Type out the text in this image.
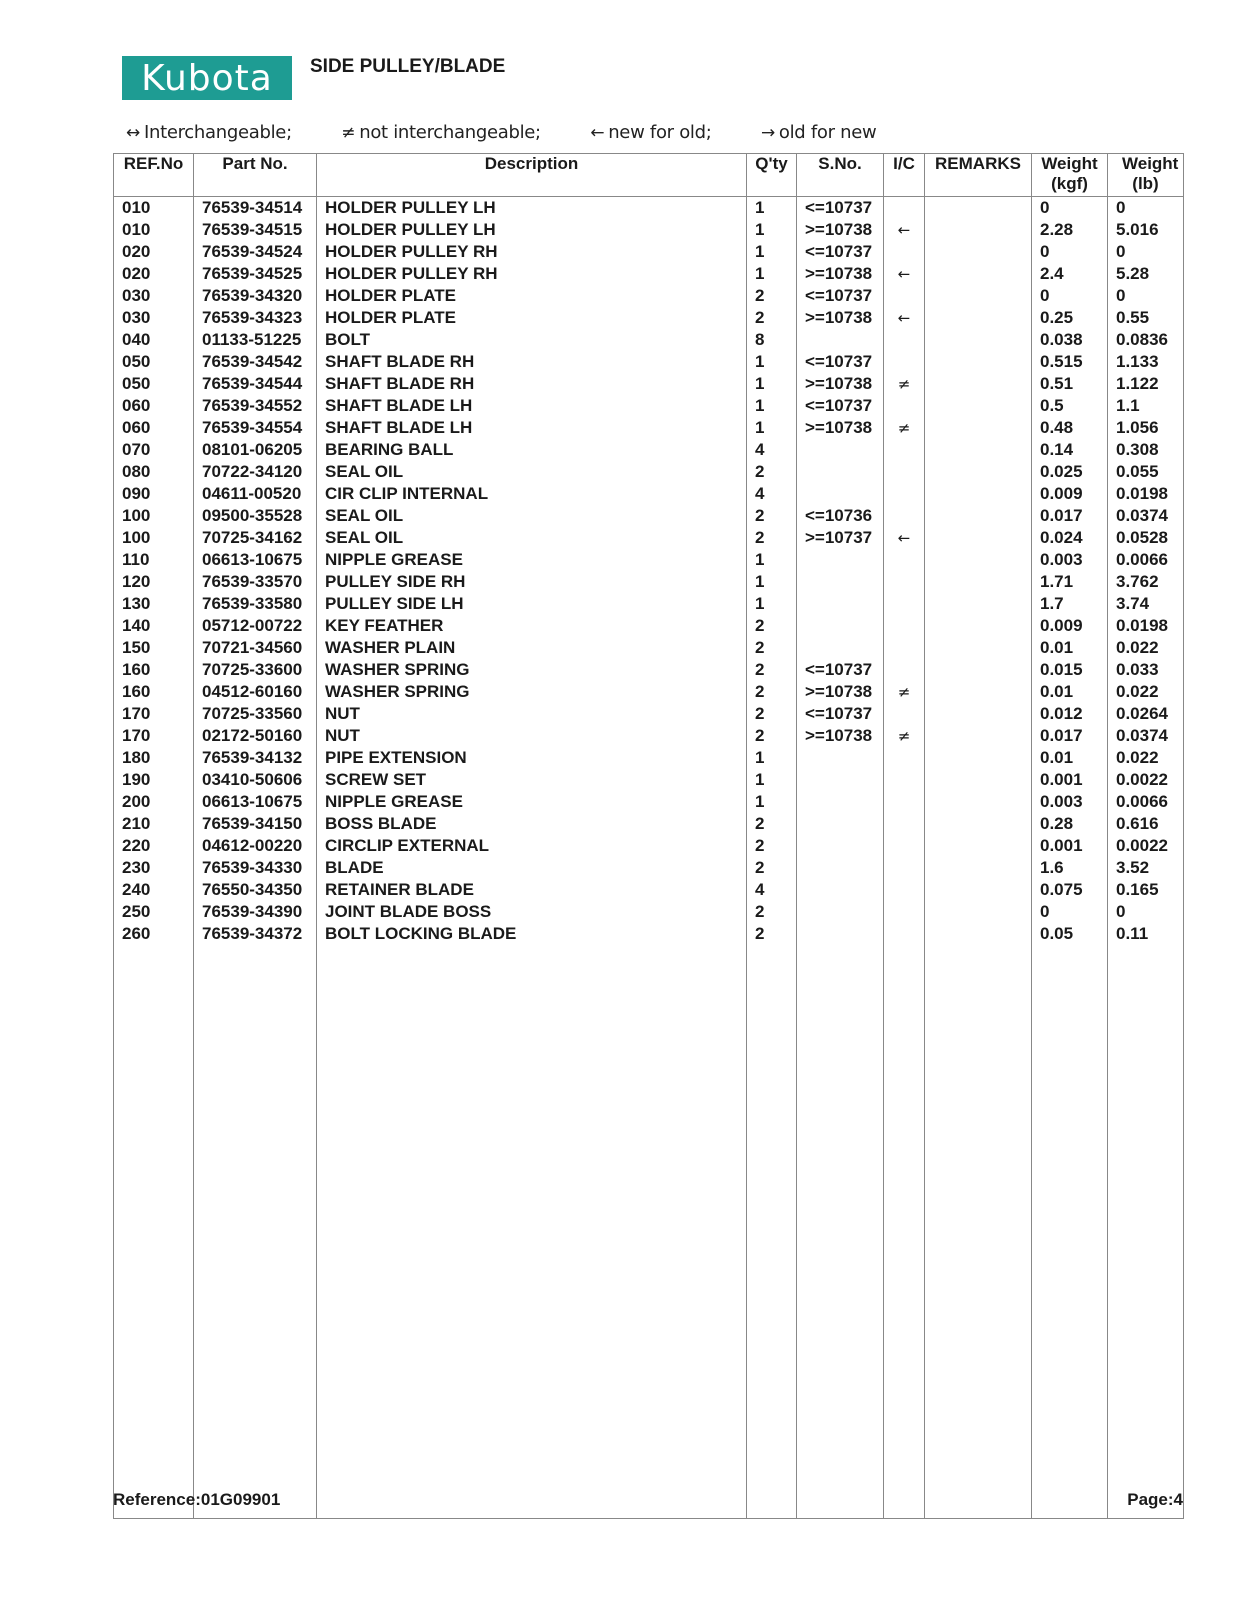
Kubota	SIDE PULLEY/BLADE
↔ Interchangeable;	≠ not interchangeable;	← new for old;	→ old for new
REF.No	Part No.	Description	Q'ty	S.No.	I/C	REMARKS	Weight (kgf)	Weight (lb)
010	76539-34514	HOLDER PULLEY LH	1	<=10737			0	0
010	76539-34515	HOLDER PULLEY LH	1	>=10738	←		2.28	5.016
020	76539-34524	HOLDER PULLEY RH	1	<=10737			0	0
020	76539-34525	HOLDER PULLEY RH	1	>=10738	←		2.4	5.28
030	76539-34320	HOLDER PLATE	2	<=10737			0	0
030	76539-34323	HOLDER PLATE	2	>=10738	←		0.25	0.55
040	01133-51225	BOLT	8				0.038	0.0836
050	76539-34542	SHAFT BLADE RH	1	<=10737			0.515	1.133
050	76539-34544	SHAFT BLADE RH	1	>=10738	≠		0.51	1.122
060	76539-34552	SHAFT BLADE LH	1	<=10737			0.5	1.1
060	76539-34554	SHAFT BLADE LH	1	>=10738	≠		0.48	1.056
070	08101-06205	BEARING BALL	4				0.14	0.308
080	70722-34120	SEAL OIL	2				0.025	0.055
090	04611-00520	CIR CLIP INTERNAL	4				0.009	0.0198
100	09500-35528	SEAL OIL	2	<=10736			0.017	0.0374
100	70725-34162	SEAL OIL	2	>=10737	←		0.024	0.0528
110	06613-10675	NIPPLE GREASE	1				0.003	0.0066
120	76539-33570	PULLEY SIDE RH	1				1.71	3.762
130	76539-33580	PULLEY SIDE LH	1				1.7	3.74
140	05712-00722	KEY FEATHER	2				0.009	0.0198
150	70721-34560	WASHER PLAIN	2				0.01	0.022
160	70725-33600	WASHER SPRING	2	<=10737			0.015	0.033
160	04512-60160	WASHER SPRING	2	>=10738	≠		0.01	0.022
170	70725-33560	NUT	2	<=10737			0.012	0.0264
170	02172-50160	NUT	2	>=10738	≠		0.017	0.0374
180	76539-34132	PIPE EXTENSION	1				0.01	0.022
190	03410-50606	SCREW SET	1				0.001	0.0022
200	06613-10675	NIPPLE GREASE	1				0.003	0.0066
210	76539-34150	BOSS BLADE	2				0.28	0.616
220	04612-00220	CIRCLIP EXTERNAL	2				0.001	0.0022
230	76539-34330	BLADE	2				1.6	3.52
240	76550-34350	RETAINER BLADE	4				0.075	0.165
250	76539-34390	JOINT BLADE BOSS	2				0	0
260	76539-34372	BOLT LOCKING BLADE	2				0.05	0.11

Reference:01G09901	Page:4
